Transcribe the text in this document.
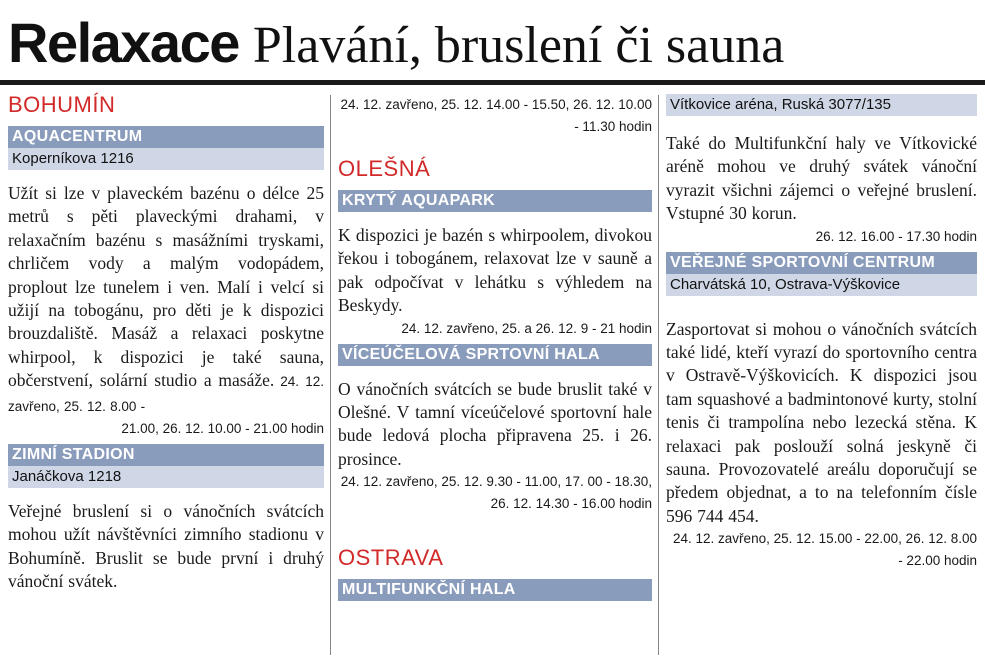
Relaxace Plavání, bruslení či sauna
BOHUMÍN
AQUACENTRUM
Koperníkova 1216

Užít si lze v plaveckém bazénu o délce 25 metrů s pěti plaveckými drahami, v relaxačním bazénu s masážními tryskami, chrličem vody a malým vodopádem, proplout lze tunelem i ven. Malí i velcí si užijí na tobogánu, pro děti je k dispozici brouzdaliště. Masáž a relaxaci poskytne whirpool, k dispozici je také sauna, občerstvení, solární studio a masáže. 24. 12. zavřeno, 25. 12. 8.00 -

21.00, 26. 12. 10.00 - 21.00 hodin
ZIMNÍ STADION
Janáčkova 1218

Veřejné bruslení si o vánočních svátcích mohou užít návštěvníci zimního stadionu v Bohumíně. Bruslit se bude první i druhý vánoční svátek.

24. 12. zavřeno, 25. 12. 14.00 - 15.50, 26. 12. 10.00 - 11.30 hodin
OLEŠNÁ
KRYTÝ AQUAPARK

K dispozici je bazén s whirpoolem, divokou řekou i tobogánem, relaxovat lze v sauně a pak odpočívat v lehátku s výhledem na Beskydy.

24. 12. zavřeno, 25. a 26. 12. 9 - 21 hodin
VÍCEÚČELOVÁ SPRTOVNÍ HALA

O vánočních svátcích se bude bruslit také v Olešné. V tamní víceúčelové sportovní hale bude ledová plocha připravena 25. i 26. prosince.

24. 12. zavřeno, 25. 12. 9.30 - 11.00, 17. 00 - 18.30, 26. 12. 14.30 - 16.00 hodin
OSTRAVA
MULTIFUNKČNÍ HALA
Vítkovice aréna, Ruská 3077/135

Také do Multifunkční haly ve Vítkovické aréně mohou ve druhý svátek vánoční vyrazit všichni zájemci o veřejné bruslení. Vstupné 30 korun.

26. 12. 16.00 - 17.30 hodin
VEŘEJNÉ SPORTOVNÍ CENTRUM
Charvátská 10, Ostrava-Výškovice

Zasportovat si mohou o vánočních svátcích také lidé, kteří vyrazí do sportovního centra v Ostravě-Výškovicích. K dispozici jsou tam squashové a badmintonové kurty, stolní tenis či trampolína nebo lezecká stěna. K relaxaci pak poslouží solná jeskyně či sauna. Provozovatelé areálu doporučují se předem objednat, a to na telefonním čísle 596 744 454.

24. 12. zavřeno, 25. 12. 15.00 - 22.00, 26. 12. 8.00 - 22.00 hodin
